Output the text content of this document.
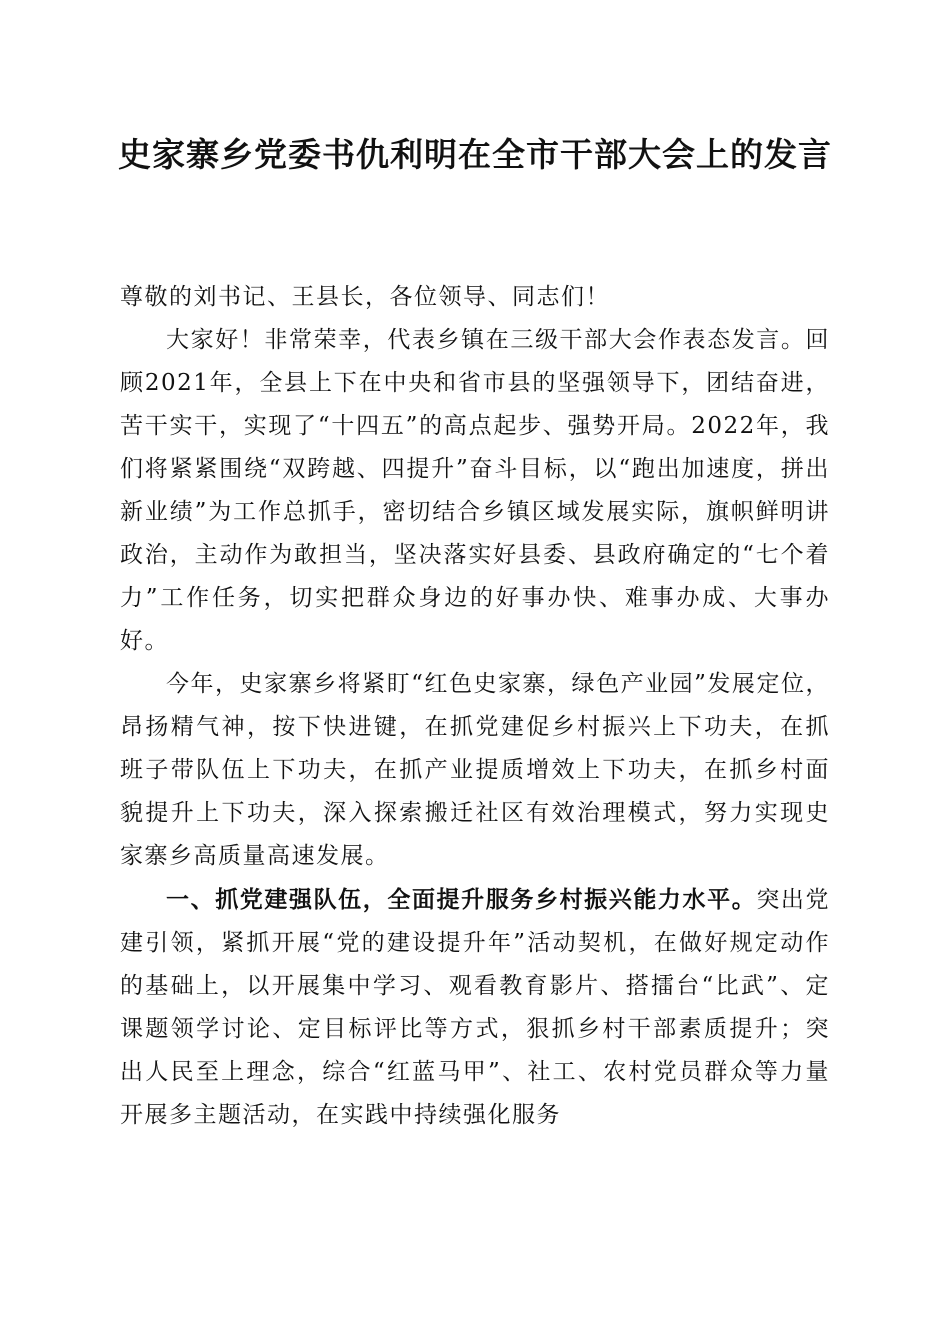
史家寨乡党委书仇利明在全市干部大会上的发言

尊敬的刘书记、王县长，各位领导、同志们！

大家好！非常荣幸，代表乡镇在三级干部大会作表态发言。回顾2021年，全县上下在中央和省市县的坚强领导下，团结奋进，苦干实干，实现了“十四五”的高点起步、强势开局。2022年，我们将紧紧围绕“双跨越、四提升”奋斗目标，以“跑出加速度，拼出新业绩”为工作总抓手，密切结合乡镇区域发展实际，旗帜鲜明讲政治，主动作为敢担当，坚决落实好县委、县政府确定的“七个着力”工作任务，切实把群众身边的好事办快、难事办成、大事办好。

今年，史家寨乡将紧盯“红色史家寨，绿色产业园”发展定位，昂扬精气神，按下快进键，在抓党建促乡村振兴上下功夫，在抓班子带队伍上下功夫，在抓产业提质增效上下功夫，在抓乡村面貌提升上下功夫，深入探索搬迁社区有效治理模式，努力实现史家寨乡高质量高速发展。

一、抓党建强队伍，全面提升服务乡村振兴能力水平。突出党建引领，紧抓开展“党的建设提升年”活动契机，在做好规定动作的基础上，以开展集中学习、观看教育影片、搭擂台“比武”、定课题领学讨论、定目标评比等方式，狠抓乡村干部素质提升；突出人民至上理念，综合“红蓝马甲”、社工、农村党员群众等力量开展多主题活动，在实践中持续强化服务
